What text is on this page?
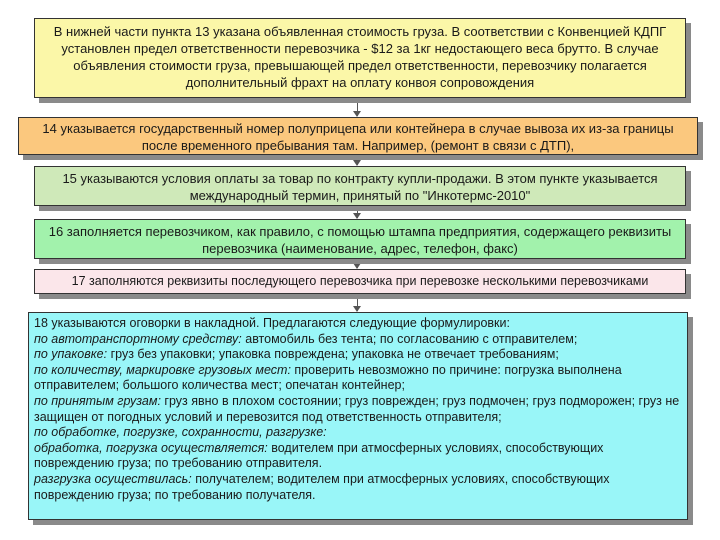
В нижней части пункта 13 указана объявленная стоимость груза. В соответствии с Конвенцией КДПГ установлен предел ответственности перевозчика - $12 за 1кг недостающего веса брутто. В случае объявления стоимости груза, превышающей предел ответственности, перевозчику полагается дополнительный фрахт на оплату конвоя сопровождения
14 указывается государственный номер полуприцепа или контейнера в случае вывоза их из-за границы после временного пребывания там. Например, (ремонт в связи с ДТП),
15 указываются условия оплаты за товар по контракту купли-продажи. В этом пункте указывается международный термин, принятый по "Инкотермс-2010"
16 заполняется перевозчиком, как правило, с помощью штампа предприятия, содержащего реквизиты перевозчика (наименование, адрес, телефон, факс)
17 заполняются реквизиты последующего перевозчика при перевозке несколькими перевозчиками
18 указываются оговорки в накладной. Предлагаются следующие формулировки:
по автотранспортному средству: автомобиль без тента; по согласованию с отправителем;
по упаковке: груз без упаковки; упаковка повреждена; упаковка не отвечает требованиям;
по количеству, маркировке грузовых мест: проверить невозможно по причине: погрузка выполнена отправителем; большого количества мест; опечатан контейнер;
по принятым грузам: груз явно в плохом состоянии; груз поврежден; груз подмочен; груз подморожен; груз не защищен от погодных условий и перевозится под ответственность отправителя;
по обработке, погрузке, сохранности, разгрузке:
обработка, погрузка осуществляется: водителем при атмосферных условиях, способствующих повреждению груза; по требованию отправителя.
разгрузка осуществилась: получателем; водителем при атмосферных условиях, способствующих повреждению груза; по требованию получателя.
